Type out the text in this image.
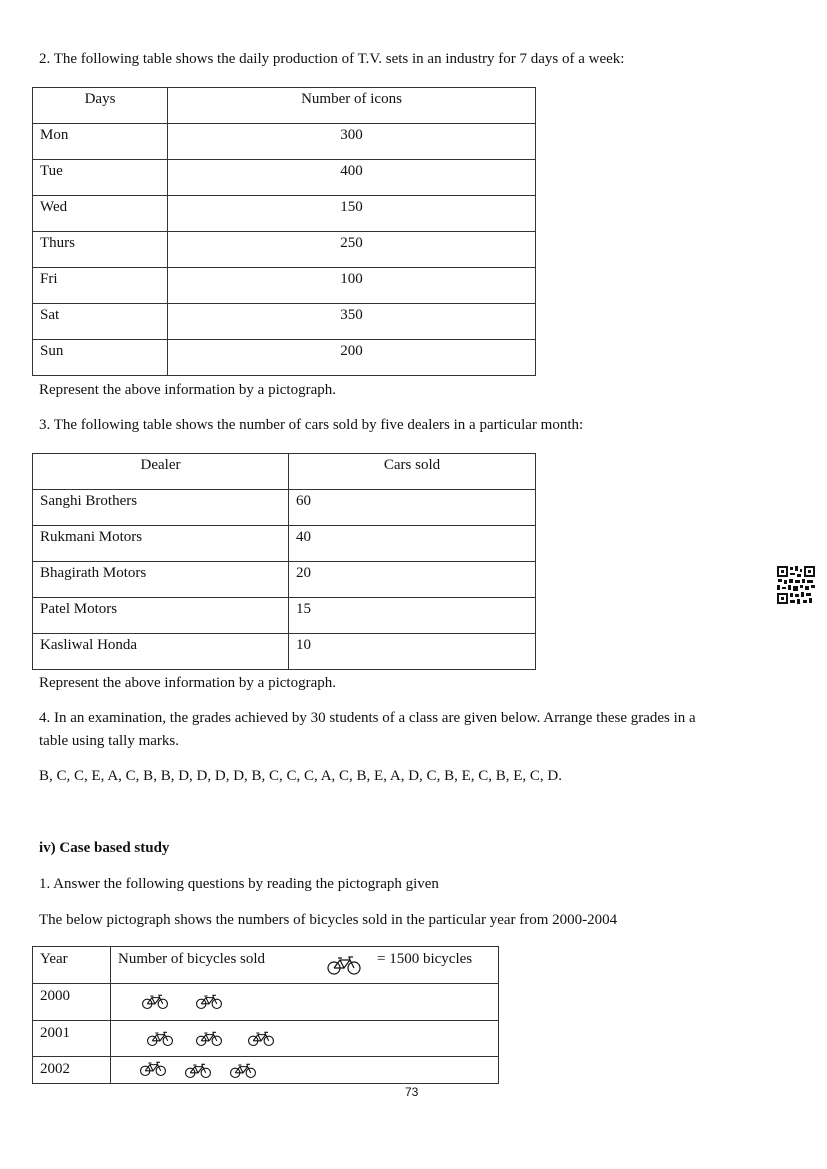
2. The following table shows the daily production of T.V. sets in an industry for 7 days of a week:
Days	Number of icons
Mon	300
Tue	400
Wed	150
Thurs	250
Fri	100
Sat	350
Sun	200
Represent the above information by a pictograph.
3. The following table shows the number of cars sold by five dealers in a particular month:
Dealer	Cars sold
Sanghi Brothers	60
Rukmani Motors	40
Bhagirath Motors	20
Patel Motors	15
Kasliwal Honda	10
Represent the above information by a pictograph.
4. In an examination, the grades achieved by 30 students of a class are given below. Arrange these grades in a
table using tally marks.
B, C, C, E, A, C, B, B, D, D, D, D, B, C, C, C, A, C, B, E, A, D, C, B, E, C, B, E, C, D.
iv) Case based study
1. Answer the following questions by reading the pictograph given
The below pictograph shows the numbers of bicycles sold in the particular year from 2000-2004
Year	Number of bicycles sold = 1500 bicycles

2000	

2001	

2002	
73
